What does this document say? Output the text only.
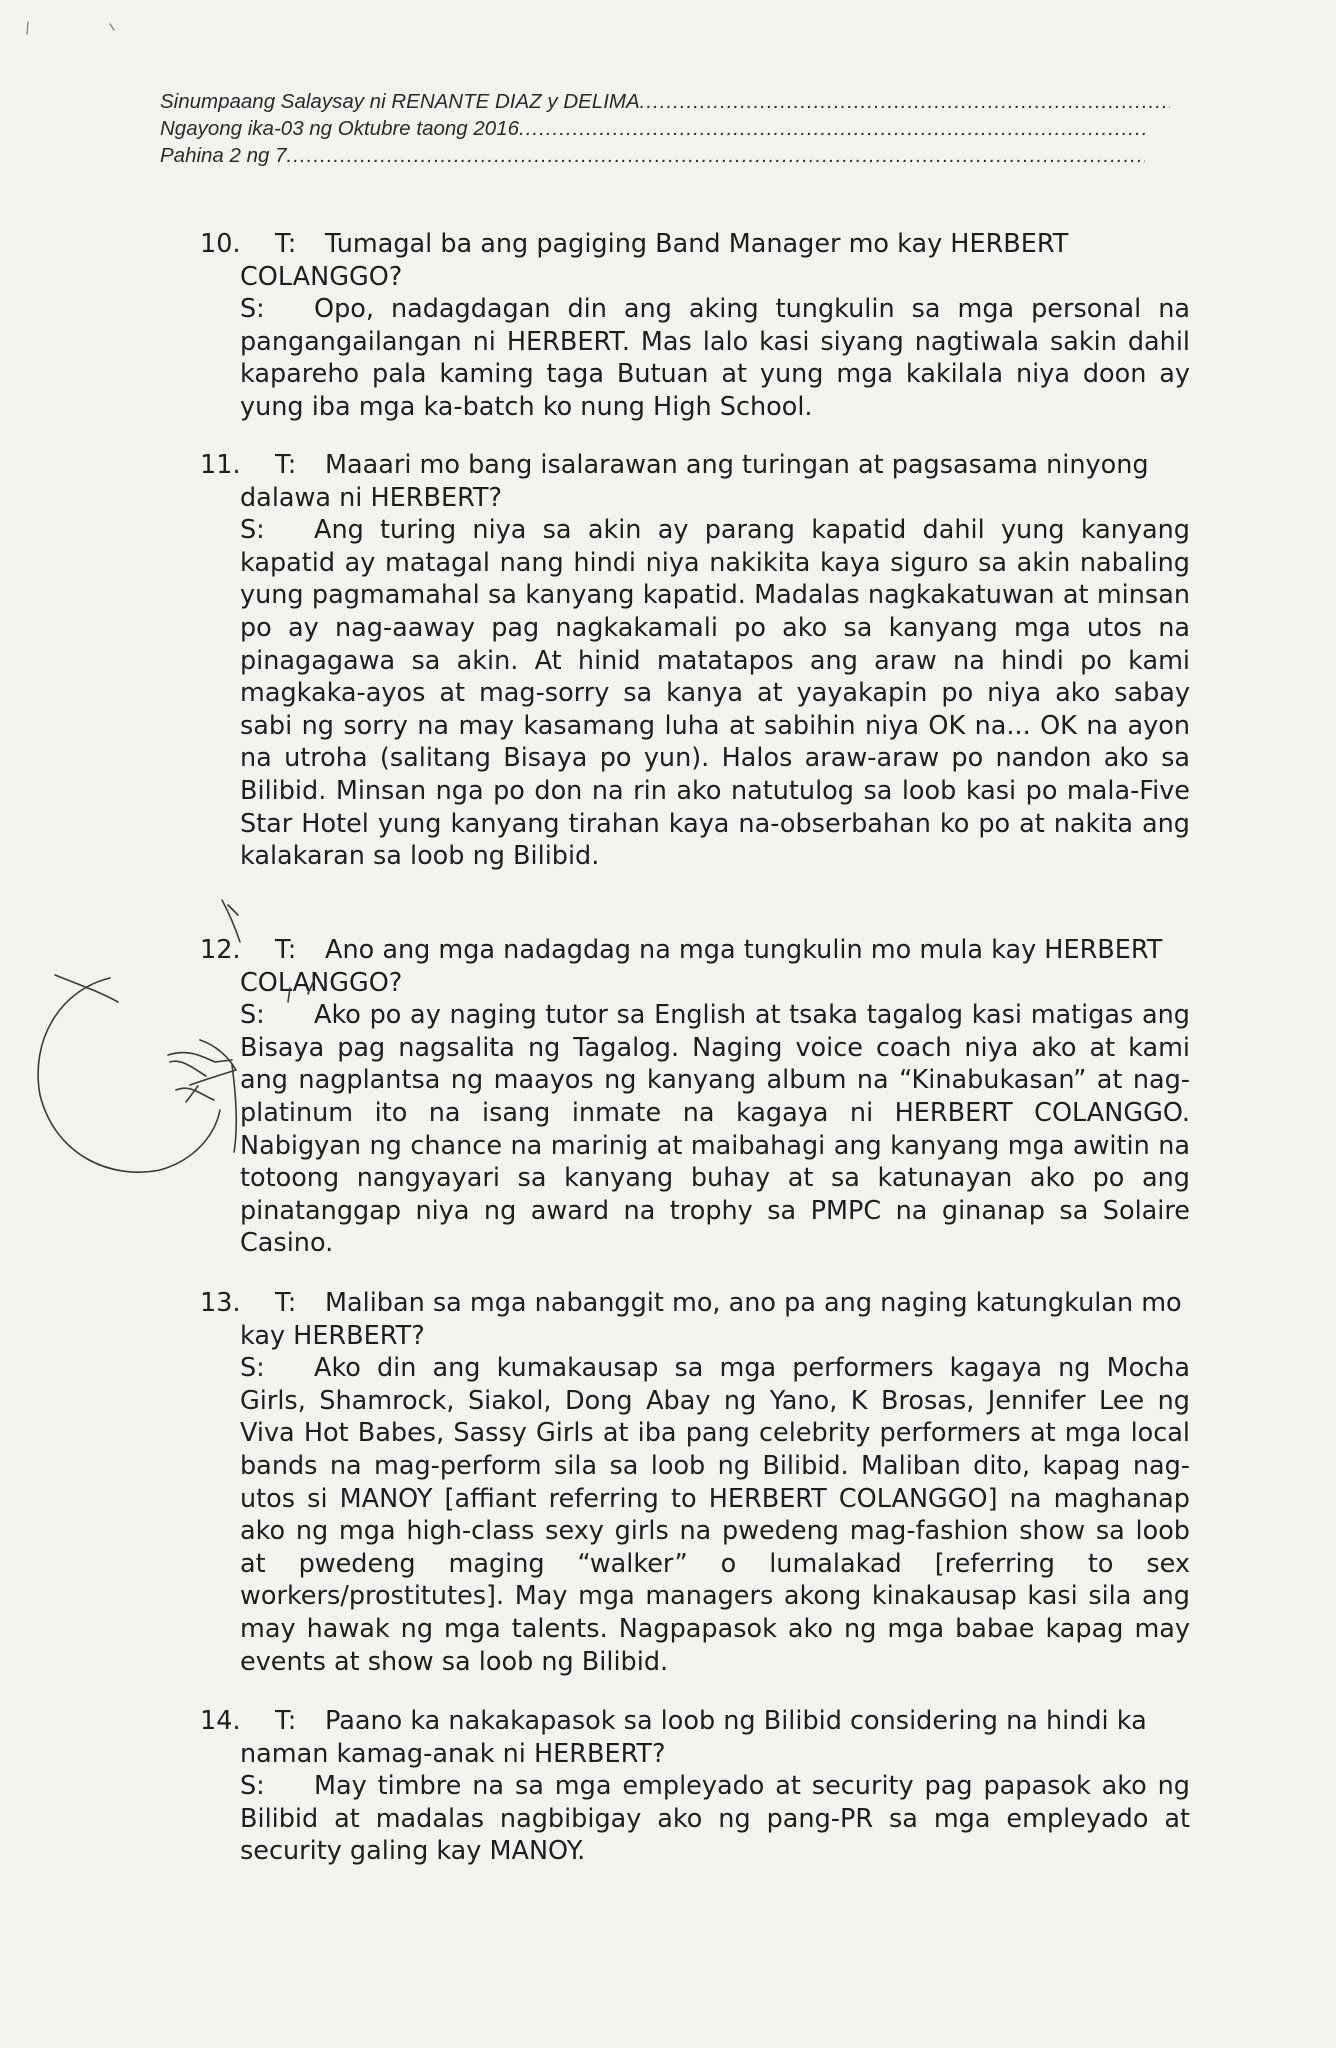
Sinumpaang Salaysay ni RENANTE DIAZ y DELIMA
.....
Ngayong ika-03 ng Oktubre taong 2016
.....
Pahina 2 ng 7
.....
10.	T: Tumagal ba ang pagiging Band Manager mo kay HERBERT COLANGGO?
S: Opo, nadagdagan din ang aking tungkulin sa mga personal na pangangailangan ni HERBERT. Mas lalo kasi siyang nagtiwala sakin dahil kapareho pala kaming taga Butuan at yung mga kakilala niya doon ay yung iba mga ka-batch ko nung High School.
11.	T: Maaari mo bang isalarawan ang turingan at pagsasama ninyong dalawa ni HERBERT?
S: Ang turing niya sa akin ay parang kapatid dahil yung kanyang kapatid ay matagal nang hindi niya nakikita kaya siguro sa akin nabaling yung pagmamahal sa kanyang kapatid. Madalas nagkakatuwan at minsan po ay nag-aaway pag nagkakamali po ako sa kanyang mga utos na pinagagawa sa akin. At hinid matatapos ang araw na hindi po kami magkaka-ayos at mag-sorry sa kanya at yayakapin po niya ako sabay sabi ng sorry na may kasamang luha at sabihin niya OK na... OK na ayon na utroha (salitang Bisaya po yun). Halos araw-araw po nandon ako sa Bilibid. Minsan nga po don na rin ako natutulog sa loob kasi po mala-Five Star Hotel yung kanyang tirahan kaya na-obserbahan ko po at nakita ang kalakaran sa loob ng Bilibid.
12.	T: Ano ang mga nadagdag na mga tungkulin mo mula kay HERBERT COLANGGO?
S: Ako po ay naging tutor sa English at tsaka tagalog kasi matigas ang Bisaya pag nagsalita ng Tagalog. Naging voice coach niya ako at kami ang nagplantsa ng maayos ng kanyang album na “Kinabukasan” at nag-platinum ito na isang inmate na kagaya ni HERBERT COLANGGO. Nabigyan ng chance na marinig at maibahagi ang kanyang mga awitin na totoong nangyayari sa kanyang buhay at sa katunayan ako po ang pinatanggap niya ng award na trophy sa PMPC na ginanap sa Solaire Casino.
13.	T: Maliban sa mga nabanggit mo, ano pa ang naging katungkulan mo kay HERBERT?
S: Ako din ang kumakausap sa mga performers kagaya ng Mocha Girls, Shamrock, Siakol, Dong Abay ng Yano, K Brosas, Jennifer Lee ng Viva Hot Babes, Sassy Girls at iba pang celebrity performers at mga local bands na mag-perform sila sa loob ng Bilibid. Maliban dito, kapag nag-utos si MANOY [affiant referring to HERBERT COLANGGO] na maghanap ako ng mga high-class sexy girls na pwedeng mag-fashion show sa loob at pwedeng maging “walker” o lumalakad [referring to sex workers/prostitutes]. May mga managers akong kinakausap kasi sila ang may hawak ng mga talents. Nagpapasok ako ng mga babae kapag may events at show sa loob ng Bilibid.
14.	T: Paano ka nakakapasok sa loob ng Bilibid considering na hindi ka naman kamag-anak ni HERBERT?
S: May timbre na sa mga empleyado at security pag papasok ako ng Bilibid at madalas nagbibigay ako ng pang-PR sa mga empleyado at security galing kay MANOY.
